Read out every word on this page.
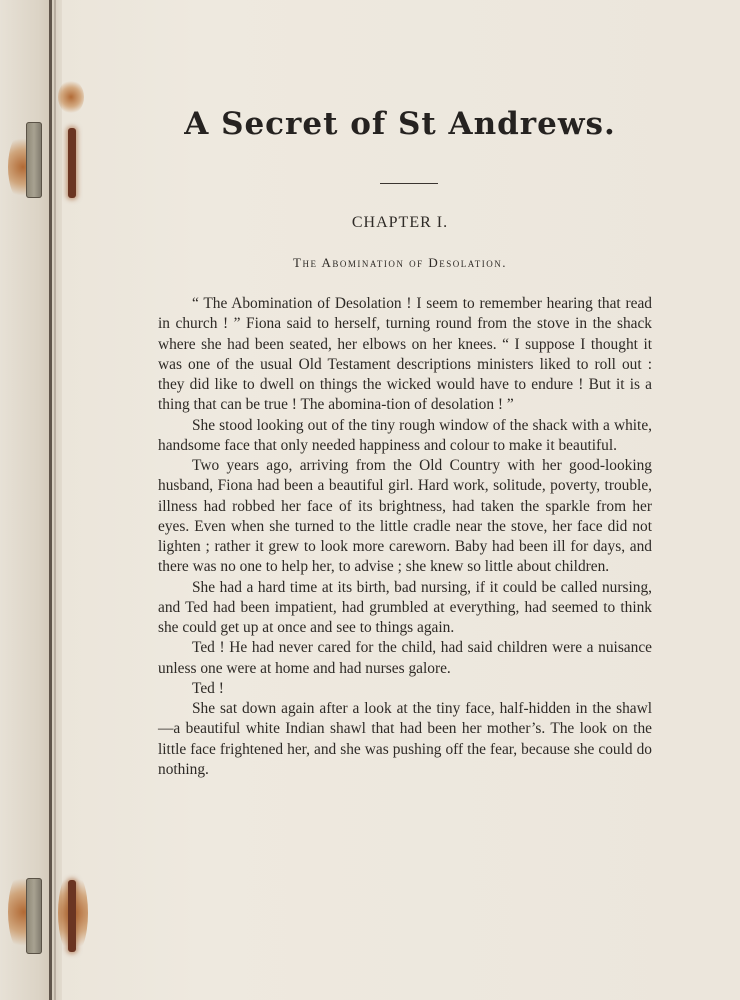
A Secret of St Andrews.
CHAPTER I.
The Abomination of Desolation.

“ The Abomination of Desolation ! I seem to remember hearing that read in church ! ” Fiona said to herself, turning round from the stove in the shack where she had been seated, her elbows on her knees. “ I suppose I thought it was one of the usual Old Testament descriptions ministers liked to roll out : they did like to dwell on things the wicked would have to endure ! But it is a thing that can be true ! The abomina-tion of desolation ! ”

She stood looking out of the tiny rough window of the shack with a white, handsome face that only needed happiness and colour to make it beautiful.

Two years ago, arriving from the Old Country with her good-looking husband, Fiona had been a beautiful girl. Hard work, solitude, poverty, trouble, illness had robbed her face of its brightness, had taken the sparkle from her eyes. Even when she turned to the little cradle near the stove, her face did not lighten ; rather it grew to look more careworn. Baby had been ill for days, and there was no one to help her, to advise ; she knew so little about children.

She had a hard time at its birth, bad nursing, if it could be called nursing, and Ted had been impatient, had grumbled at everything, had seemed to think she could get up at once and see to things again.

Ted ! He had never cared for the child, had said children were a nuisance unless one were at home and had nurses galore.

Ted !

She sat down again after a look at the tiny face, half-hidden in the shawl—a beautiful white Indian shawl that had been her mother’s. The look on the little face frightened her, and she was pushing off the fear, because she could do nothing.
